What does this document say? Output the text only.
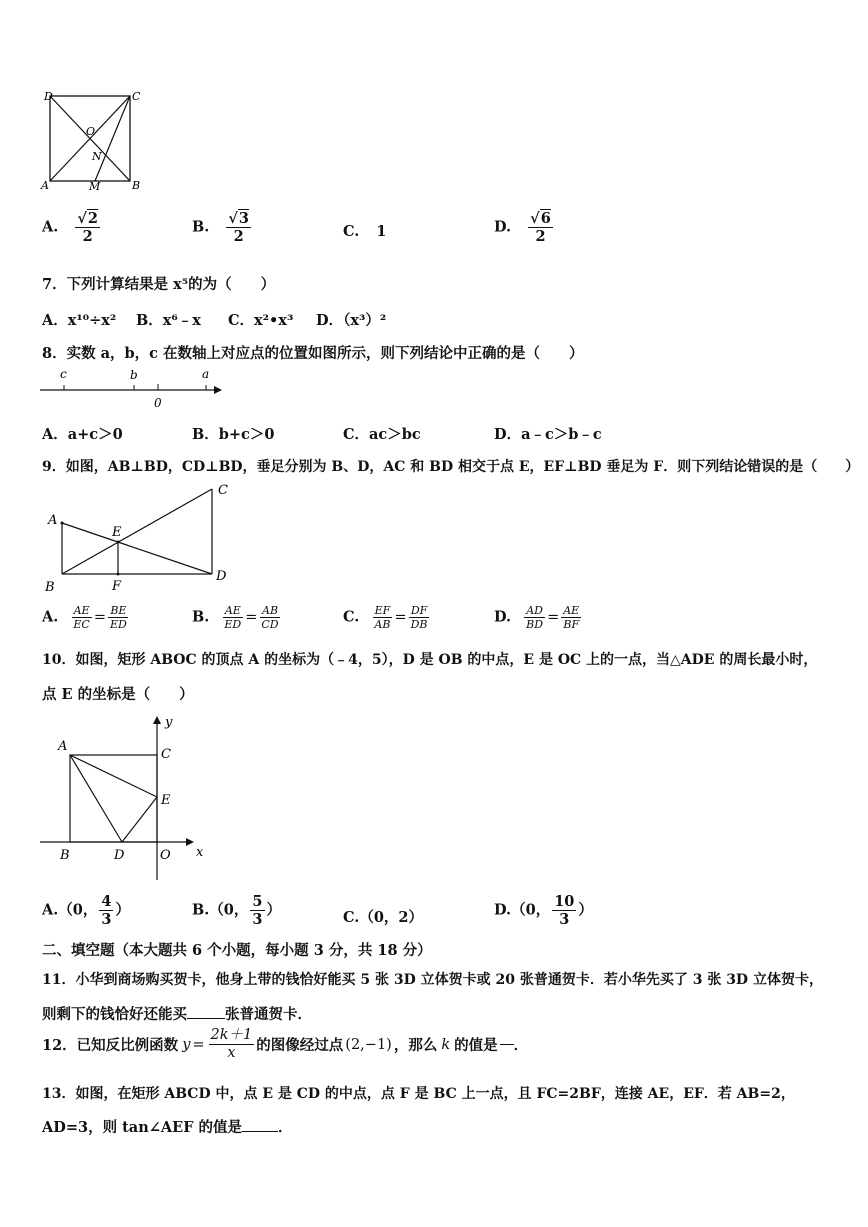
D	C
O
N
A	M	B
A. $\frac{√2}{2}$	B. $\frac{√3}{2}$	C. 1	D. $\frac{√6}{2}$
7．下列计算结果是 x⁵的为（　　）
A．x¹⁰÷x² B．x⁶﹣x C．x²•x³ D．（x³）²
8．实数 a，b，c 在数轴上对应点的位置如图所示，则下列结论中正确的是（　　）
c	b
0
a
A．a+c＞0	B．b+c＞0	C．ac＞bc	D．a﹣c＞b﹣c
9．如图，AB⊥BD，CD⊥BD，垂足分别为 B、D，AC 和 BD 相交于点 E，EF⊥BD 垂足为 F．则下列结论错误的是（　　）
A
B
C
D
E
F
A. $\frac{AE}{EC} = \frac{BE}{ED}$	B. $\frac{AE}{ED} = \frac{AB}{CD}$	C. $\frac{EF}{AB} = \frac{DF}{DB}$	D. $\frac{AD}{BD} = \frac{AE}{BF}$
10．如图，矩形 ABOC 的顶点 A 的坐标为（﹣4，5），D 是 OB 的中点，E 是 OC 上的一点，当△ADE 的周长最小时，
点 E 的坐标是（　　）
y
A
C
E
B	D	O x
A.（0， $\frac{4}{3}$ ）	B.（0， $\frac{5}{3}$ ）	C.（0，2）	D.（0， $\frac{10}{3}$ ）
二、填空题（本大题共 6 个小题，每小题 3 分，共 18 分）
11．小华到商场购买贺卡，他身上带的钱恰好能买 5 张 3D 立体贺卡或 20 张普通贺卡．若小华先买了 3 张 3D 立体贺卡，
则剩下的钱恰好还能买	张普通贺卡．
12．已知反比例函数 $y = \frac{2k+1}{x}$ 的图像经过点 (2,−1) ，那么 k 的值是 ．
13．如图，在矩形 ABCD 中，点 E 是 CD 的中点，点 F 是 BC 上一点，且 FC=2BF，连接 AE，EF．若 AB=2，
AD=3，则 tan∠AEF 的值是 ．
